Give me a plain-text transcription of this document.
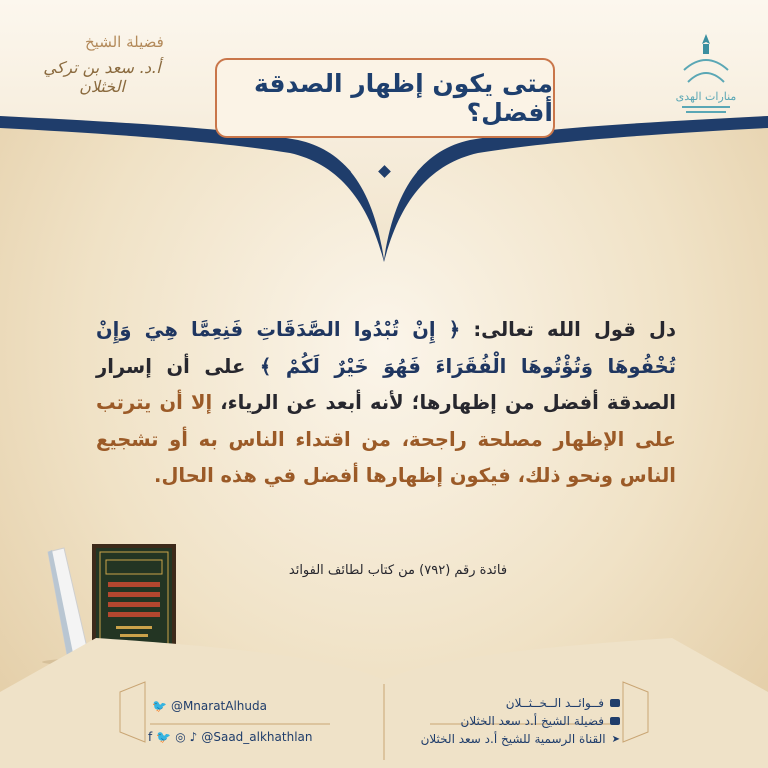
فضيلة الشيخ
أ.د. سعد بن تركي الخثلان
منارات الهدى
متى يكون إظهار الصدقة أفضل؟
دل قول الله تعالى: ﴿ إِنْ تُبْدُوا الصَّدَقَاتِ فَنِعِمَّا هِيَ وَإِنْ تُخْفُوهَا وَتُؤْتُوهَا الْفُقَرَاءَ فَهُوَ خَيْرٌ لَكُمْ ﴾ على أن إسرار الصدقة أفضل من إظهارها؛ لأنه أبعد عن الرياء، إلا أن يترتب على الإظهار مصلحة راجحة، من اقتداء الناس به أو تشجيع الناس ونحو ذلك، فيكون إظهارها أفضل في هذه الحال.
فائدة رقم (٧٩٢) من كتاب لطائف الفوائد
🐦 @MnaratAlhuda
f 🐦 ◎ ♪ @Saad_alkhathlan
فــوائــد الــخــثــلان
فضيلة الشيخ أ.د سعد الخثلان
➤
القناة الرسمية للشيخ أ.د سعد الخثلان
